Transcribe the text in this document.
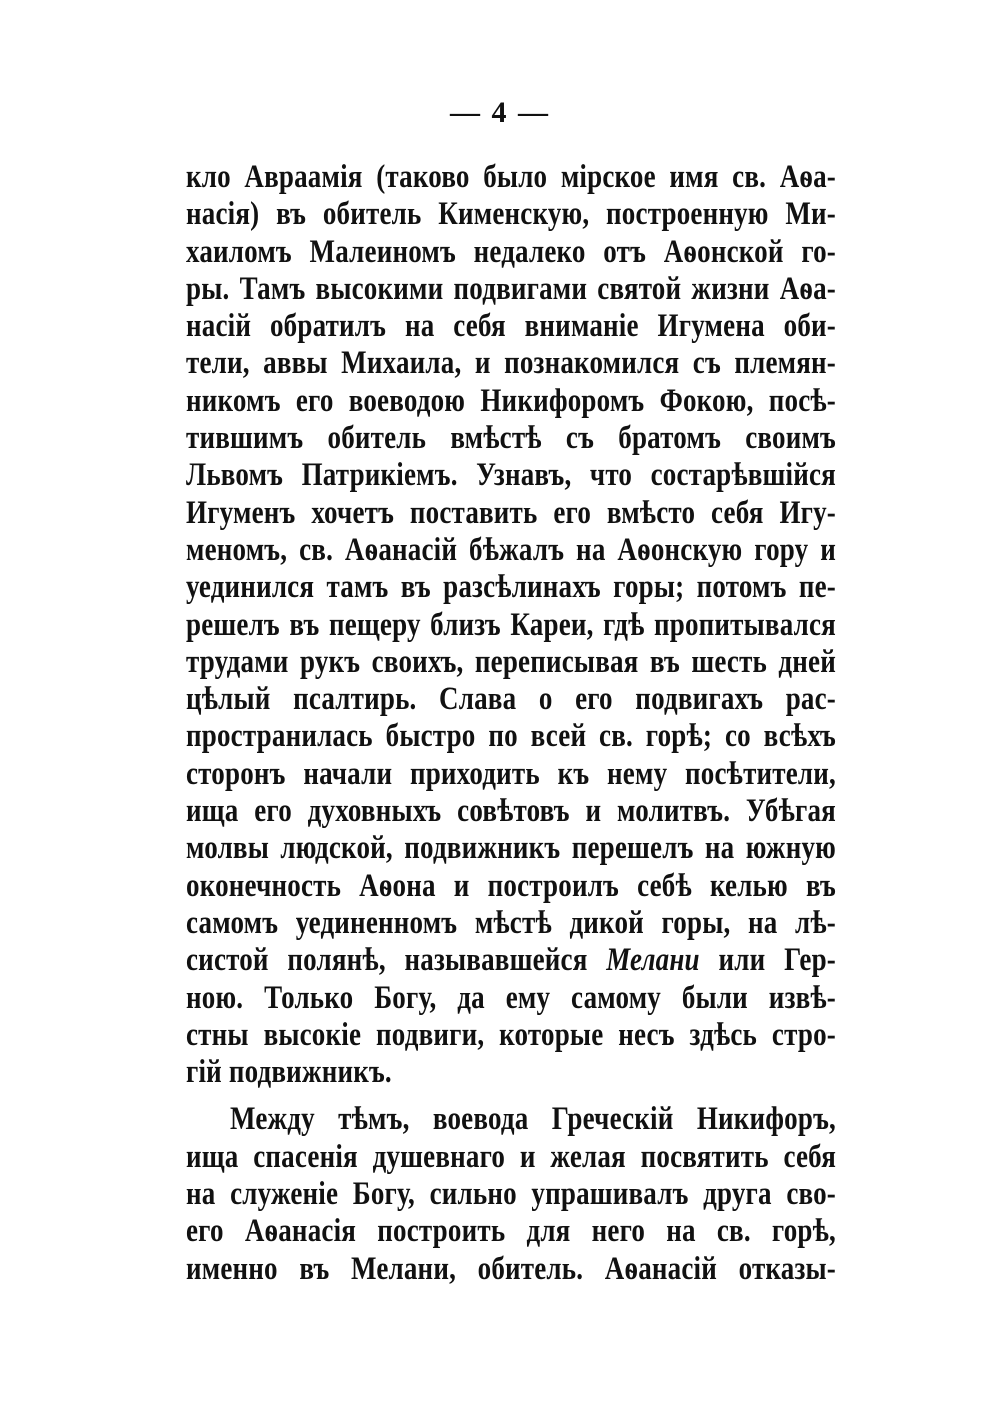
— 4 —
кло Авраамія (таково было мірское имя св. Аѳа-
насія) въ обитель Кименскую, построенную Ми-
хаиломъ Малеиномъ недалеко отъ Аѳонской го-
ры. Тамъ высокими подвигами святой жизни Аѳа-
насій обратилъ на себя вниманіе Игумена оби-
тели, аввы Михаила, и познакомился съ племян-
никомъ его воеводою Никифоромъ Фокою, посѣ-
тившимъ обитель вмѣстѣ съ братомъ своимъ
Львомъ Патрикіемъ. Узнавъ, что состарѣвшійся
Игуменъ хочетъ поставить его вмѣсто себя Игу-
меномъ, св. Аѳанасій бѣжалъ на Аѳонскую гору и
уединился тамъ въ разсѣлинахъ горы; потомъ пе-
решелъ въ пещеру близъ Кареи, гдѣ пропитывался
трудами рукъ своихъ, переписывая въ шесть дней
цѣлый псалтирь. Слава о его подвигахъ рас-
пространилась быстро по всей св. горѣ; со всѣхъ
сторонъ начали приходить къ нему посѣтители,
ища его духовныхъ совѣтовъ и молитвъ. Убѣгая
молвы людской, подвижникъ перешелъ на южную
оконечность Аѳона и построилъ себѣ келью въ
самомъ уединенномъ мѣстѣ дикой горы, на лѣ-
систой полянѣ, называвшейся Мелани или Гер-
ною. Только Богу, да ему самому были извѣ-
стны высокіе подвиги, которые несъ здѣсь стро-
гій подвижникъ.
Между тѣмъ, воевода Греческій Никифоръ,
ища спасенія душевнаго и желая посвятить себя
на служеніе Богу, сильно упрашивалъ друга сво-
его Аѳанасія построить для него на св. горѣ,
именно въ Мелани, обитель. Аѳанасій отказы-
